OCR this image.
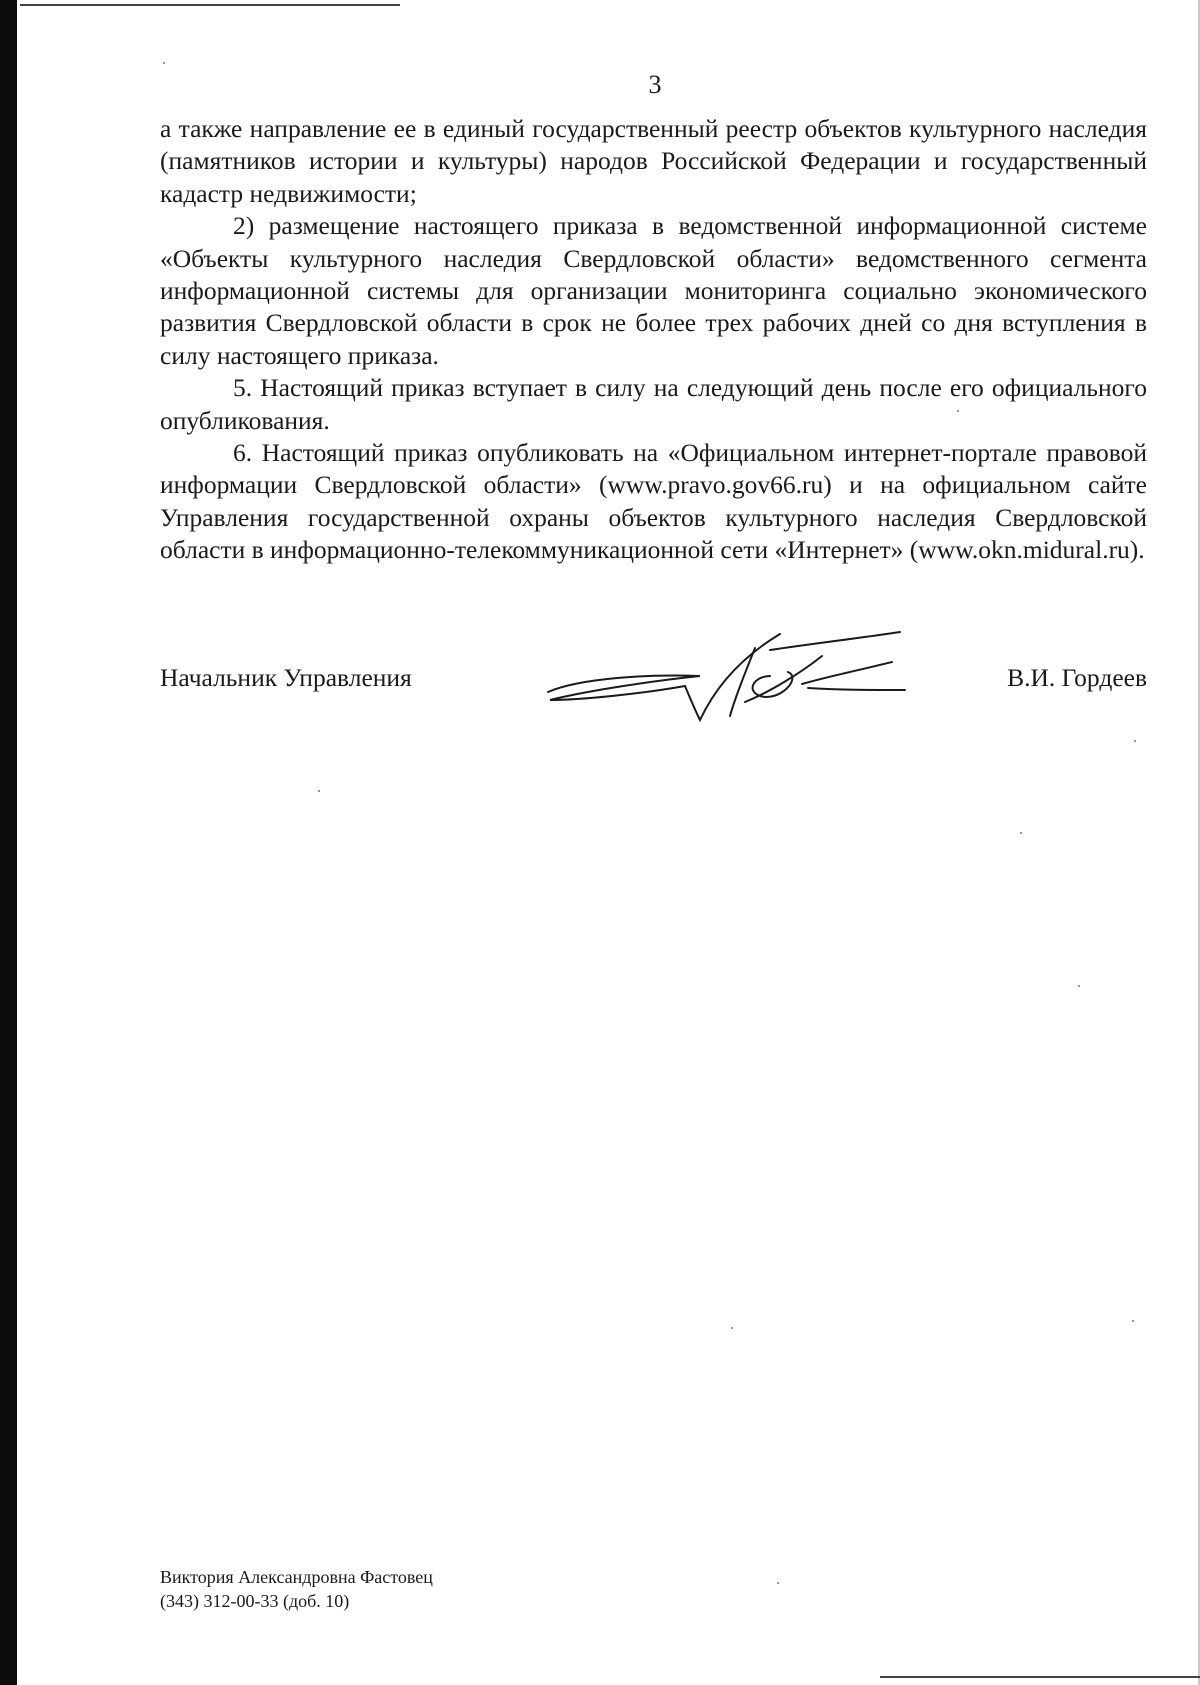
3

а также направление ее в единый государственный реестр объектов культурного наследия (памятников истории и культуры) народов Российской Федерации и государственный кадастр недвижимости;

2) размещение настоящего приказа в ведомственной информационной системе «Объекты культурного наследия Свердловской области» ведомственного сегмента информационной системы для организации мониторинга социально экономического развития Свердловской области в срок не более трех рабочих дней со дня вступления в силу настоящего приказа.

5. Настоящий приказ вступает в силу на следующий день после его официального опубликования.

6. Настоящий приказ опубликовать на «Официальном интернет-портале правовой информации Свердловской области» (www.pravo.gov66.ru) и на официальном сайте Управления государственной охраны объектов культурного наследия Свердловской области в информационно-телекоммуникационной сети «Интернет» (www.okn.midural.ru).

Начальник Управления	В.И. Гордеев
Виктория Александровна Фастовец
(343) 312-00-33 (доб. 10)
